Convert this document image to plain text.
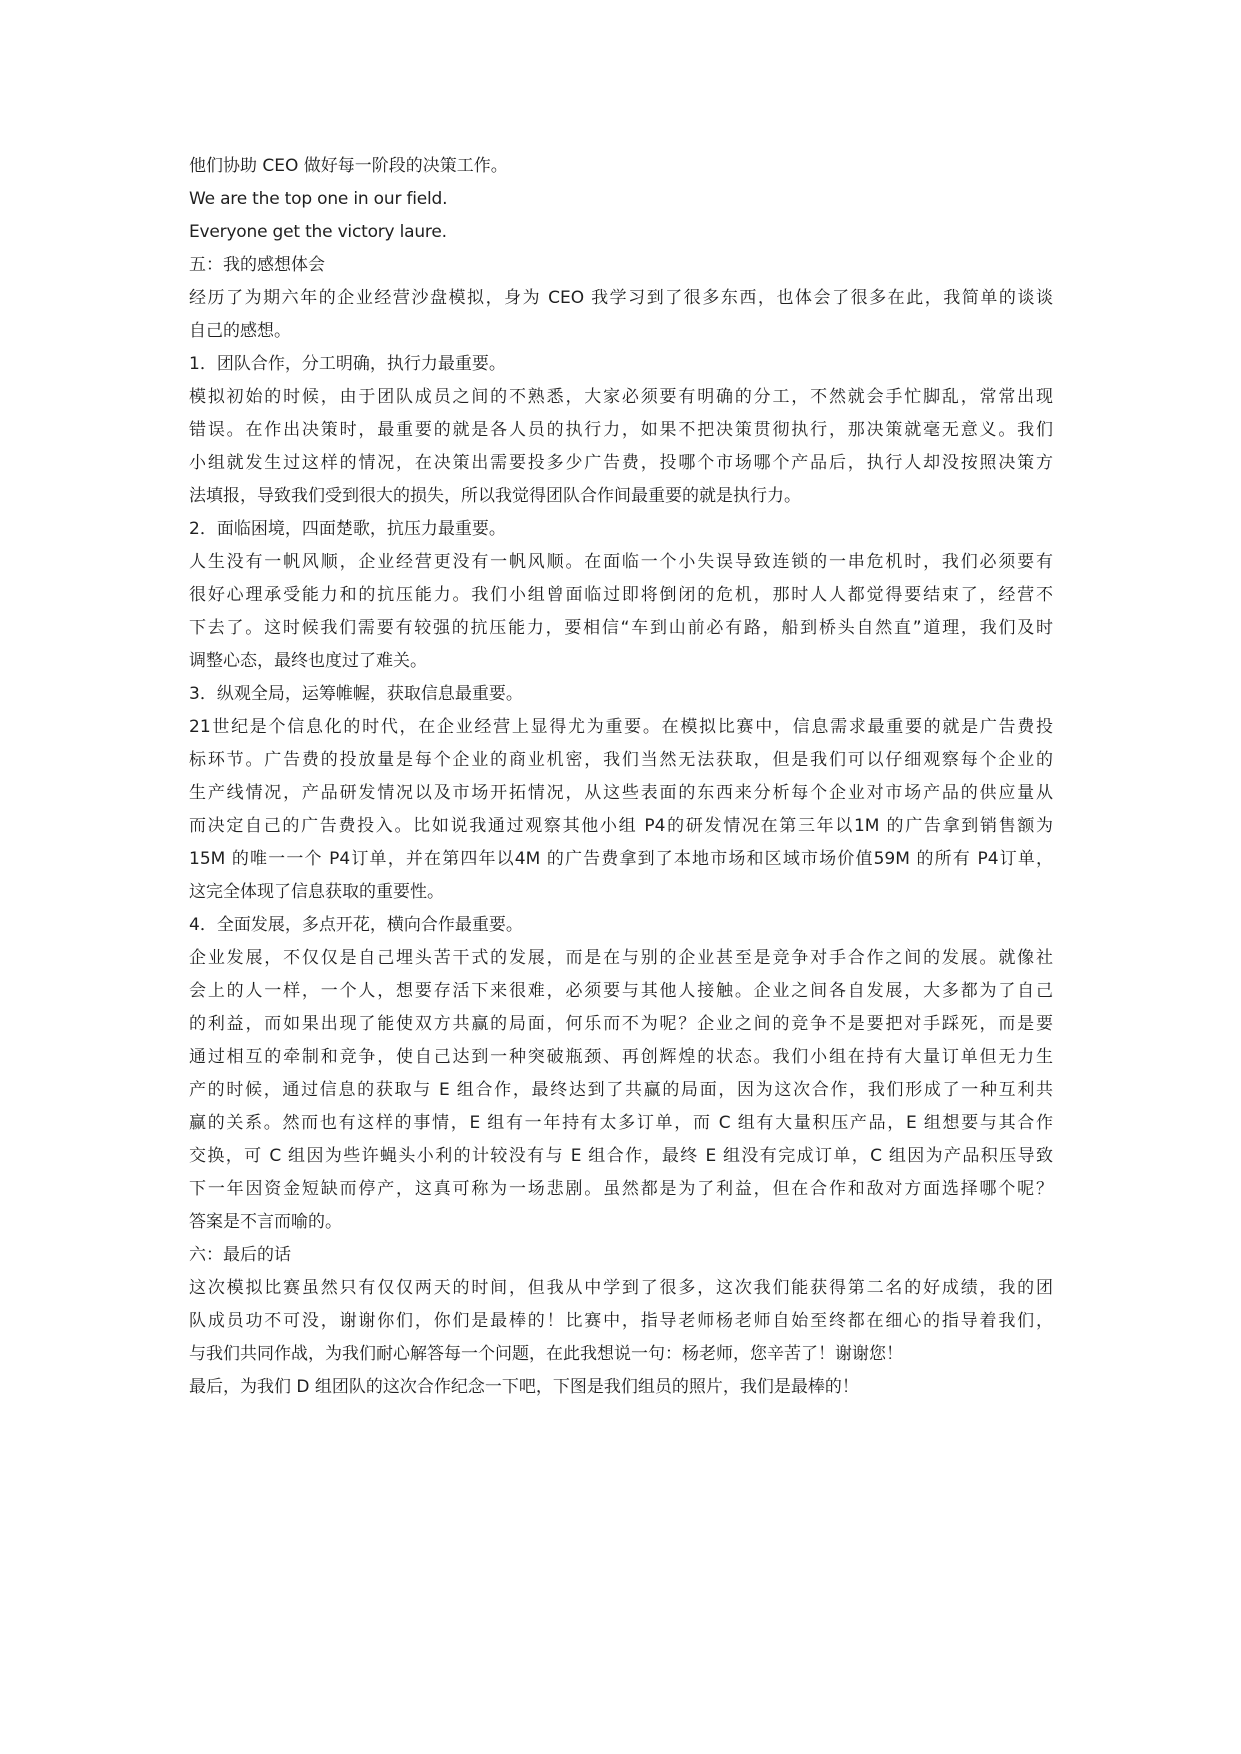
他们协助 CEO 做好每一阶段的决策工作。

We are the top one in our field.

Everyone get the victory laure.

五：我的感想体会

经历了为期六年的企业经营沙盘模拟，身为 CEO 我学习到了很多东西，也体会了很多在此，我简单的谈谈

自己的感想。

1．团队合作，分工明确，执行力最重要。

模拟初始的时候，由于团队成员之间的不熟悉，大家必须要有明确的分工，不然就会手忙脚乱，常常出现

错误。在作出决策时，最重要的就是各人员的执行力，如果不把决策贯彻执行，那决策就毫无意义。我们

小组就发生过这样的情况，在决策出需要投多少广告费，投哪个市场哪个产品后，执行人却没按照决策方

法填报，导致我们受到很大的损失，所以我觉得团队合作间最重要的就是执行力。

2．面临困境，四面楚歌，抗压力最重要。

人生没有一帆风顺，企业经营更没有一帆风顺。在面临一个小失误导致连锁的一串危机时，我们必须要有

很好心理承受能力和的抗压能力。我们小组曾面临过即将倒闭的危机，那时人人都觉得要结束了，经营不

下去了。这时候我们需要有较强的抗压能力，要相信“车到山前必有路，船到桥头自然直”道理，我们及时

调整心态，最终也度过了难关。

3．纵观全局，运筹帷幄，获取信息最重要。

21世纪是个信息化的时代，在企业经营上显得尤为重要。在模拟比赛中，信息需求最重要的就是广告费投

标环节。广告费的投放量是每个企业的商业机密，我们当然无法获取，但是我们可以仔细观察每个企业的

生产线情况，产品研发情况以及市场开拓情况，从这些表面的东西来分析每个企业对市场产品的供应量从

而决定自己的广告费投入。比如说我通过观察其他小组 P4的研发情况在第三年以1M 的广告拿到销售额为

15M 的唯一一个 P4订单，并在第四年以4M 的广告费拿到了本地市场和区域市场价值59M 的所有 P4订单，

这完全体现了信息获取的重要性。

4．全面发展，多点开花，横向合作最重要。

企业发展，不仅仅是自己埋头苦干式的发展，而是在与别的企业甚至是竞争对手合作之间的发展。就像社

会上的人一样，一个人，想要存活下来很难，必须要与其他人接触。企业之间各自发展，大多都为了自己

的利益，而如果出现了能使双方共赢的局面，何乐而不为呢？企业之间的竞争不是要把对手踩死，而是要

通过相互的牵制和竞争，使自己达到一种突破瓶颈、再创辉煌的状态。我们小组在持有大量订单但无力生

产的时候，通过信息的获取与 E 组合作，最终达到了共赢的局面，因为这次合作，我们形成了一种互利共

赢的关系。然而也有这样的事情，E 组有一年持有太多订单，而 C 组有大量积压产品，E 组想要与其合作

交换，可 C 组因为些许蝇头小利的计较没有与 E 组合作，最终 E 组没有完成订单，C 组因为产品积压导致

下一年因资金短缺而停产，这真可称为一场悲剧。虽然都是为了利益，但在合作和敌对方面选择哪个呢？

答案是不言而喻的。

六：最后的话

这次模拟比赛虽然只有仅仅两天的时间，但我从中学到了很多，这次我们能获得第二名的好成绩，我的团

队成员功不可没，谢谢你们，你们是最棒的！比赛中，指导老师杨老师自始至终都在细心的指导着我们，

与我们共同作战，为我们耐心解答每一个问题，在此我想说一句：杨老师，您辛苦了！谢谢您！

最后，为我们 D 组团队的这次合作纪念一下吧，下图是我们组员的照片，我们是最棒的！
